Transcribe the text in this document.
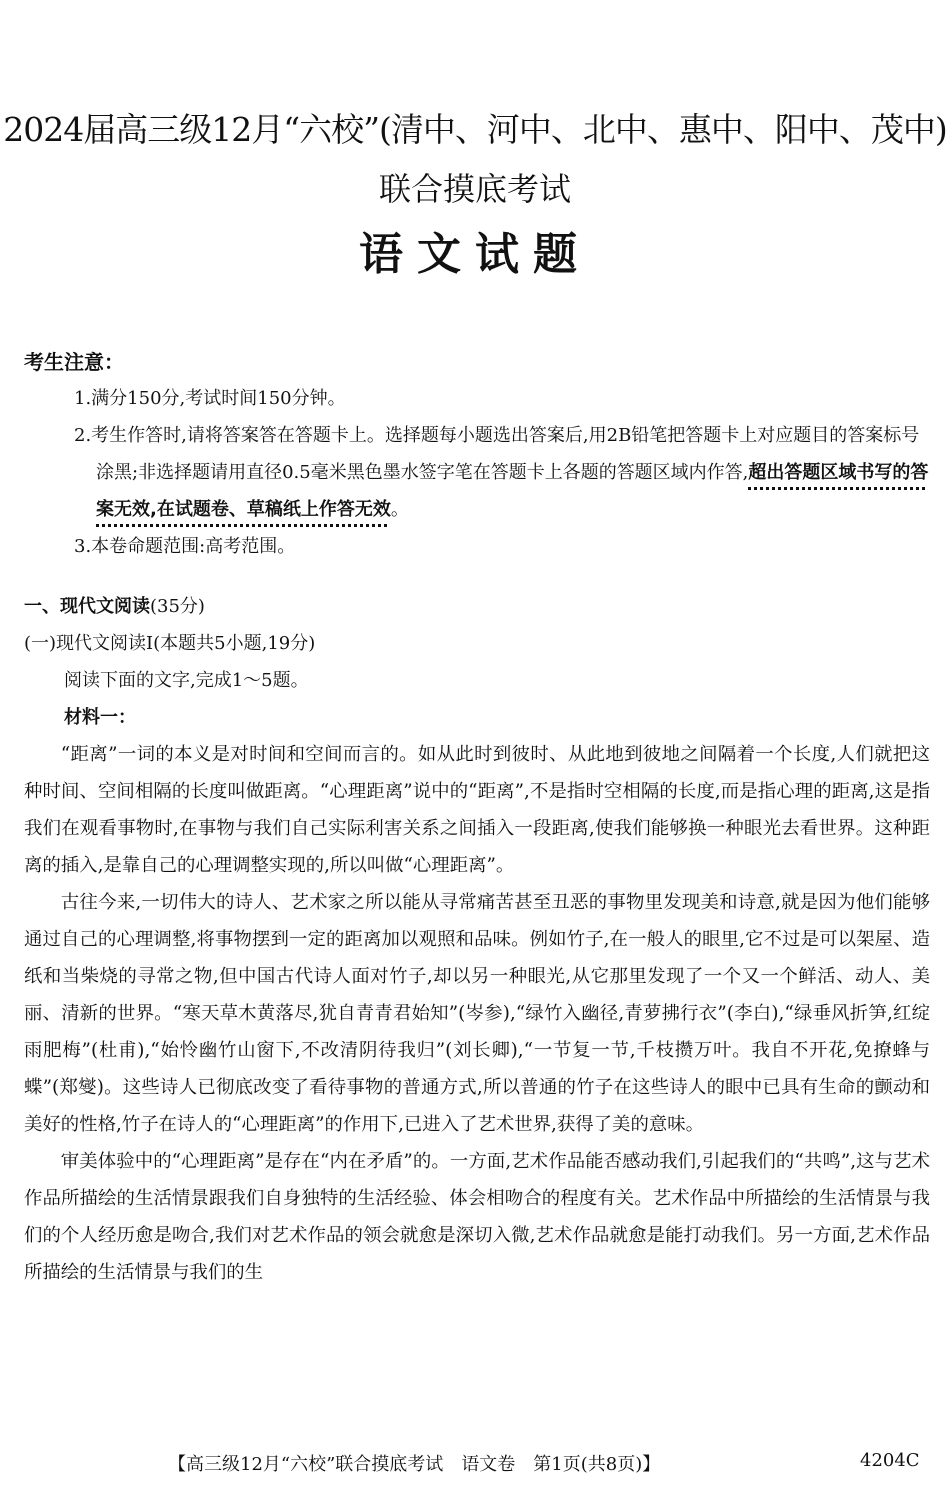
2024届高三级12月“六校”(清中、河中、北中、惠中、阳中、茂中)
联合摸底考试
语文试题
考生注意：
1.满分150分,考试时间150分钟。
2.考生作答时,请将答案答在答题卡上。选择题每小题选出答案后,用2B铅笔把答题卡上对应题目的答案标号涂黑;非选择题请用直径0.5毫米黑色墨水签字笔在答题卡上各题的答题区域内作答,超出答题区域书写的答案无效,在试题卷、草稿纸上作答无效。
3.本卷命题范围:高考范围。
一、现代文阅读(35分)
(一)现代文阅读Ⅰ(本题共5小题,19分)
阅读下面的文字,完成1～5题。
材料一：

“距离”一词的本义是对时间和空间而言的。如从此时到彼时、从此地到彼地之间隔着一个长度,人们就把这种时间、空间相隔的长度叫做距离。“心理距离”说中的“距离”,不是指时空相隔的长度,而是指心理的距离,这是指我们在观看事物时,在事物与我们自己实际利害关系之间插入一段距离,使我们能够换一种眼光去看世界。这种距离的插入,是靠自己的心理调整实现的,所以叫做“心理距离”。

古往今来,一切伟大的诗人、艺术家之所以能从寻常痛苦甚至丑恶的事物里发现美和诗意,就是因为他们能够通过自己的心理调整,将事物摆到一定的距离加以观照和品味。例如竹子,在一般人的眼里,它不过是可以架屋、造纸和当柴烧的寻常之物,但中国古代诗人面对竹子,却以另一种眼光,从它那里发现了一个又一个鲜活、动人、美丽、清新的世界。“寒天草木黄落尽,犹自青青君始知”(岑参),“绿竹入幽径,青萝拂行衣”(李白),“绿垂风折笋,红绽雨肥梅”(杜甫),“始怜幽竹山窗下,不改清阴待我归”(刘长卿),“一节复一节,千枝攒万叶。我自不开花,免撩蜂与蝶”(郑燮)。这些诗人已彻底改变了看待事物的普通方式,所以普通的竹子在这些诗人的眼中已具有生命的颤动和美好的性格,竹子在诗人的“心理距离”的作用下,已进入了艺术世界,获得了美的意味。

审美体验中的“心理距离”是存在“内在矛盾”的。一方面,艺术作品能否感动我们,引起我们的“共鸣”,这与艺术作品所描绘的生活情景跟我们自身独特的生活经验、体会相吻合的程度有关。艺术作品中所描绘的生活情景与我们的个人经历愈是吻合,我们对艺术作品的领会就愈是深切入微,艺术作品就愈是能打动我们。另一方面,艺术作品所描绘的生活情景与我们的生

【高三级12月“六校”联合摸底考试　语文卷　第1页(共8页)】	4204C
